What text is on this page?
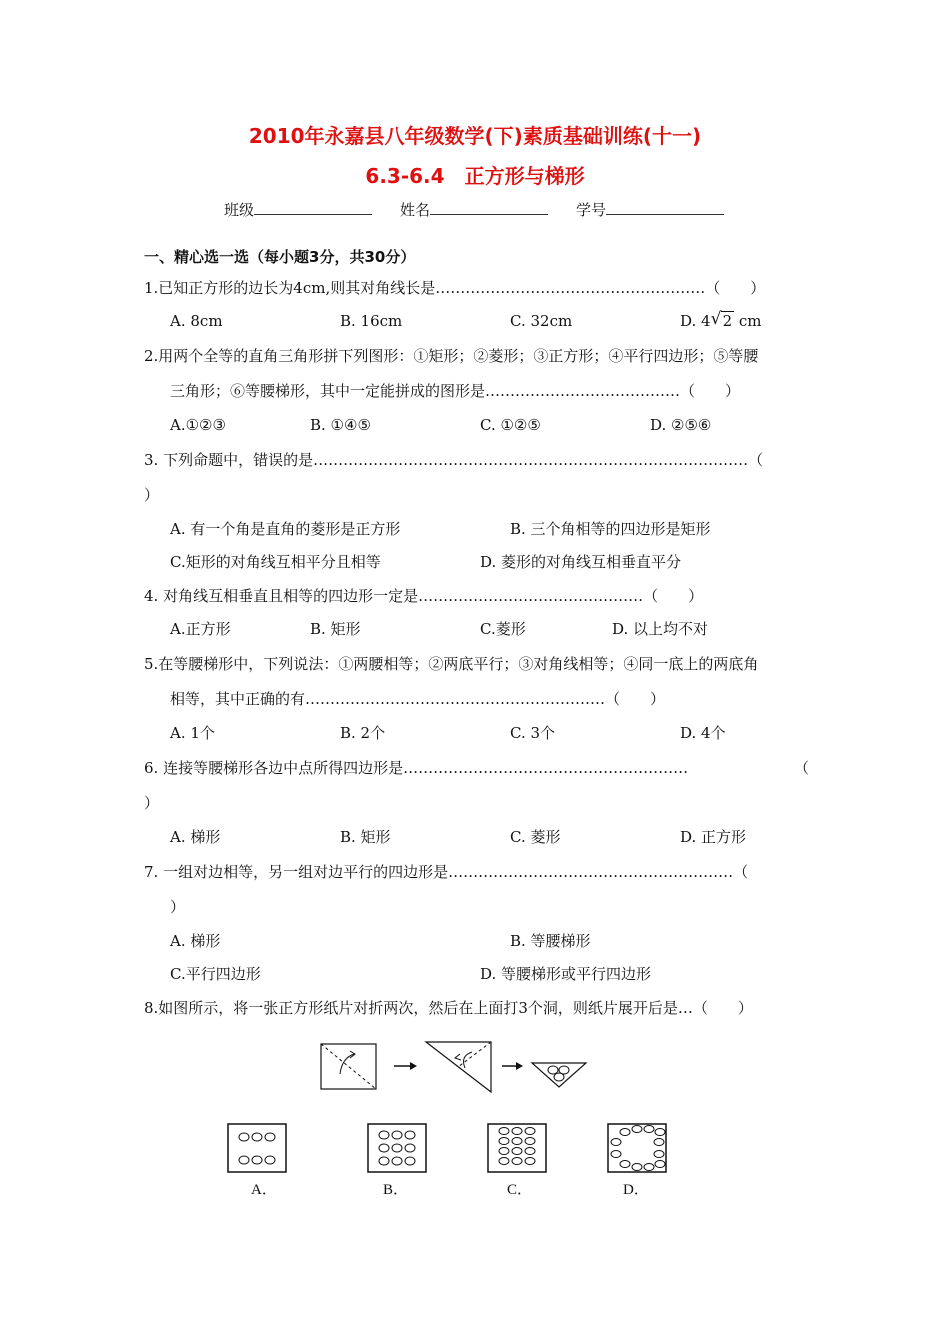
2010年永嘉县八年级数学(下)素质基础训练(十一)
6.3-6.4　正方形与梯形
班级	姓名	学号
一、精心选一选（每小题3分，共30分）
1.已知正方形的边长为4cm,则其对角线长是………………………………………………（　　）
A. 8cm	B. 16cm	C. 32cm	D. 4 √ 2 cm
2.用两个全等的直角三角形拼下列图形：①矩形；②菱形；③正方形；④平行四边形；⑤等腰
三角形；⑥等腰梯形，其中一定能拼成的图形是…………………………………（　　）
A.①②③	B. ①④⑤	C. ①②⑤	D. ②⑤⑥
3. 下列命题中，错误的是……………………………………………………………………………（
）
A. 有一个角是直角的菱形是正方形	B. 三个角相等的四边形是矩形
C.矩形的对角线互相平分且相等	D. 菱形的对角线互相垂直平分
4. 对角线互相垂直且相等的四边形一定是………………………………………（　　）
A.正方形	B. 矩形	C.菱形	D. 以上均不对
5.在等腰梯形中，下列说法：①两腰相等；②两底平行；③对角线相等；④同一底上的两底角
相等，其中正确的有……………………………………………………（　　）
A. 1个	B. 2个	C. 3个	D. 4个
6. 连接等腰梯形各边中点所得四边形是…………………………………………………	（
）
A. 梯形	B. 矩形	C. 菱形	D. 正方形
7. 一组对边相等，另一组对边平行的四边形是…………………………………………………（
）
A. 梯形	B. 等腰梯形
C.平行四边形	D. 等腰梯形或平行四边形
8.如图所示，将一张正方形纸片对折两次，然后在上面打3个洞，则纸片展开后是…（　　）
A．	B．	C．	D．
